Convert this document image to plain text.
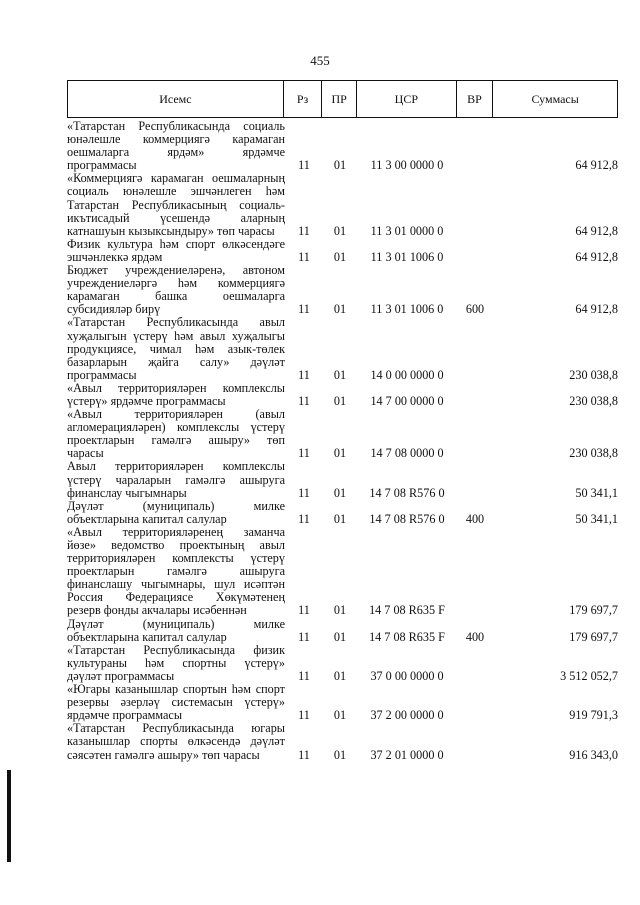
455
Исемс	Рз	ПР	ЦСР	ВР	Суммасы
«Татарстан Республикасында социаль
юнәлешле коммерциягә карамаган
оешмаларга ярдәм» ярдәмче
программасы	11	01	11 3 00 0000 0	64 912,8
«Коммерциягә карамаган оешмаларның
социаль юнәлешле эшчәнлеген һәм
Татарстан Республикасының социаль-
икътисадый үсешендә аларның
катнашуын кызыксындыру» төп чарасы	11	01	11 3 01 0000 0	64 912,8
Физик культура һәм спорт өлкәсендәге
эшчәнлеккә ярдәм	11	01	11 3 01 1006 0	64 912,8
Бюджет учреждениеләренә, автоном
учреждениеләргә һәм коммерциягә
карамаган башка оешмаларга
субсидияләр бирү	11	01	11 3 01 1006 0	600	64 912,8
«Татарстан Республикасында авыл
хуҗалыгын үстерү һәм авыл хуҗалыгы
продукциясе, чимал һәм азык-төлек
базарларын җайга салу» дәүләт
программасы	11	01	14 0 00 0000 0	230 038,8
«Авыл территорияләрен комплекслы
үстерү» ярдәмче программасы	11	01	14 7 00 0000 0	230 038,8
«Авыл территорияләрен (авыл
агломерацияләрен) комплекслы үстерү
проектларын гамәлгә ашыру» төп
чарасы	11	01	14 7 08 0000 0	230 038,8
Авыл территорияләрен комплекслы
үстерү чараларын гамәлгә ашыруга
финанслау чыгымнары	11	01	14 7 08 R576 0	50 341,1
Дәүләт (муниципаль) милке
объектларына капитал салулар	11	01	14 7 08 R576 0	400	50 341,1
«Авыл территорияләренең заманча
йөзе» ведомство проектының авыл
территорияләрен комплексты үстерү
проектларын гамәлгә ашыруга
финанслашу чыгымнары, шул исәптән
Россия Федерациясе Хөкүмәтенең
резерв фонды акчалары исәбеннән	11	01	14 7 08 R635 F	179 697,7
Дәүләт (муниципаль) милке
объектларына капитал салулар	11	01	14 7 08 R635 F	400	179 697,7
«Татарстан Республикасында физик
культураны һәм спортны үстерү»
дәүләт программасы	11	01	37 0 00 0000 0	3 512 052,7
«Югары казанышлар спортын һәм спорт
резервы әзерләү системасын үстерү»
ярдәмче программасы	11	01	37 2 00 0000 0	919 791,3
«Татарстан Республикасында югары
казанышлар спорты өлкәсендә дәүләт
сәясәтен гамәлгә ашыру» төп чарасы	11	01	37 2 01 0000 0	916 343,0
